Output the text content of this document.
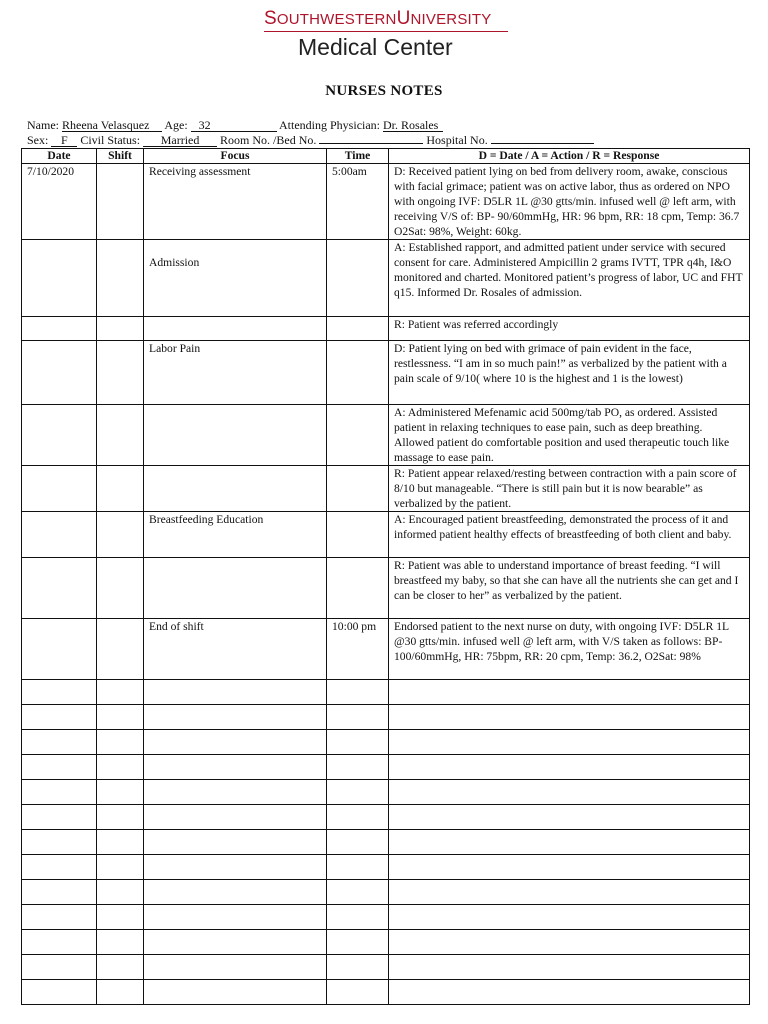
SOUTHWESTERNUNIVERSITY
Medical Center
NURSES NOTES
Name: Rheena Velasquez Age: 32	Attending Physician: Dr. Rosales
Sex: F Civil Status: Married Room No. /Bed No.	Hospital No.
Date	Shift	Focus	Time	D = Date / A = Action / R = Response
7/10/2020		Receiving assessment	5:00am	D: Received patient lying on bed from delivery room, awake, conscious with facial grimace; patient was on active labor, thus as ordered on NPO with ongoing IVF: D5LR 1L @30 gtts/min. infused well @ left arm, with receiving V/S of: BP- 90/60mmHg, HR: 96 bpm, RR: 18 cpm, Temp: 36.7 O2Sat: 98%, Weight: 60kg.
		Admission		A: Established rapport, and admitted patient under service with secured consent for care. Administered Ampicillin 2 grams IVTT, TPR q4h, I&O monitored and charted. Monitored patient’s progress of labor, UC and FHT q15. Informed Dr. Rosales of admission.
				R: Patient was referred accordingly
		Labor Pain		D: Patient lying on bed with grimace of pain evident in the face, restlessness. “I am in so much pain!” as verbalized by the patient with a pain scale of 9/10( where 10 is the highest and 1 is the lowest)
				A: Administered Mefenamic acid 500mg/tab PO, as ordered. Assisted patient in relaxing techniques to ease pain, such as deep breathing. Allowed patient do comfortable position and used therapeutic touch like massage to ease pain.
				R: Patient appear relaxed/resting between contraction with a pain score of 8/10 but manageable. “There is still pain but it is now bearable” as verbalized by the patient.
		Breastfeeding Education		A: Encouraged patient breastfeeding, demonstrated the process of it and informed patient healthy effects of breastfeeding of both client and baby.
				R: Patient was able to understand importance of breast feeding. “I will breastfeed my baby, so that she can have all the nutrients she can get and I can be closer to her” as verbalized by the patient.
		End of shift	10:00 pm	Endorsed patient to the next nurse on duty, with ongoing IVF: D5LR 1L @30 gtts/min. infused well @ left arm, with V/S taken as follows: BP- 100/60mmHg, HR: 75bpm, RR: 20 cpm, Temp: 36.2, O2Sat: 98%
